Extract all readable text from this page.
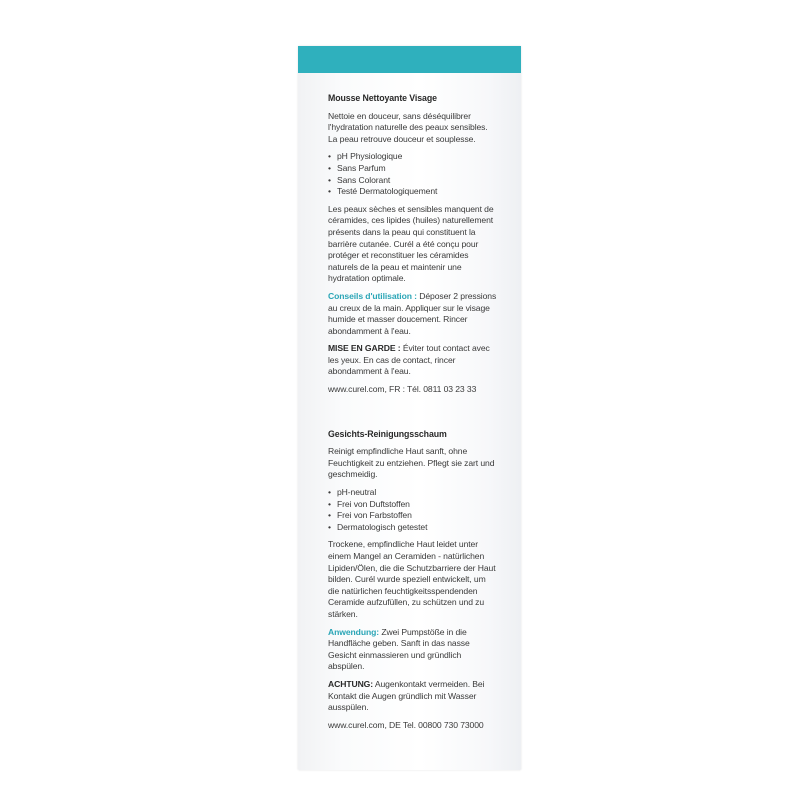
Mousse Nettoyante Visage

Nettoie en douceur, sans déséquilibrer l'hydratation naturelle des peaux sensibles. La peau retrouve douceur et souplesse.

• pH Physiologique
• Sans Parfum
• Sans Colorant
• Testé Dermatologiquement

Les peaux sèches et sensibles manquent de céramides, ces lipides (huiles) naturellement présents dans la peau qui constituent la barrière cutanée. Curél a été conçu pour protéger et reconstituer les céramides naturels de la peau et maintenir une hydratation optimale.

Conseils d'utilisation : Déposer 2 pressions au creux de la main. Appliquer sur le visage humide et masser doucement. Rincer abondamment à l'eau.

MISE EN GARDE : Éviter tout contact avec les yeux. En cas de contact, rincer abondamment à l'eau.

www.curel.com, FR : Tél. 0811 03 23 33

Gesichts-Reinigungsschaum

Reinigt empfindliche Haut sanft, ohne Feuchtigkeit zu entziehen. Pflegt sie zart und geschmeidig.

• pH-neutral
• Frei von Duftstoffen
• Frei von Farbstoffen
• Dermatologisch getestet

Trockene, empfindliche Haut leidet unter einem Mangel an Ceramiden - natürlichen Lipiden/Ölen, die die Schutzbarriere der Haut bilden. Curél wurde speziell entwickelt, um die natürlichen feuchtigkeitsspendenden Ceramide aufzufüllen, zu schützen und zu stärken.

Anwendung: Zwei Pumpstöße in die Handfläche geben. Sanft in das nasse Gesicht einmassieren und gründlich abspülen.

ACHTUNG: Augenkontakt vermeiden. Bei Kontakt die Augen gründlich mit Wasser ausspülen.

www.curel.com, DE Tel. 00800 730 73000
